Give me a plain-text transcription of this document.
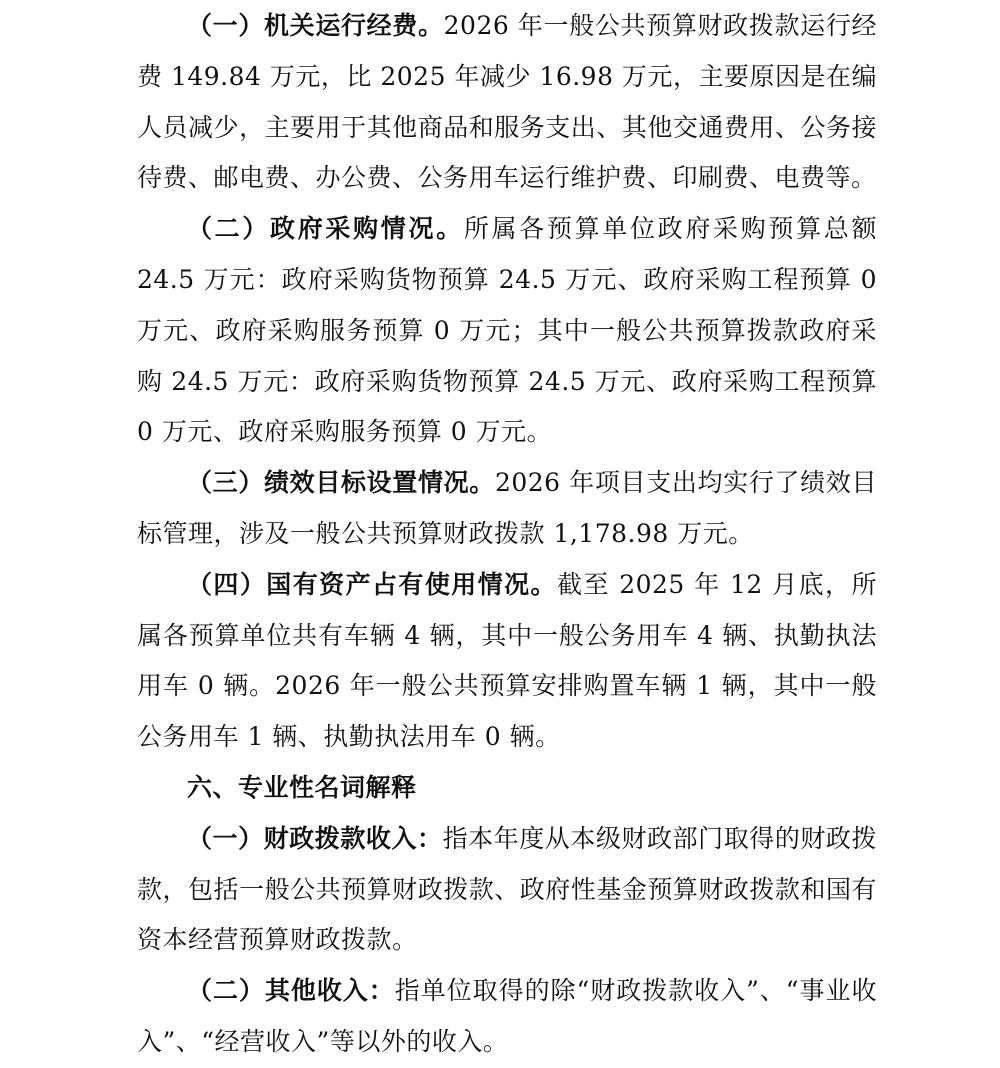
（一）机关运行经费。2026 年一般公共预算财政拨款运行经费 149.84 万元，比 2025 年减少 16.98 万元，主要原因是在编人员减少，主要用于其他商品和服务支出、其他交通费用、公务接待费、邮电费、办公费、公务用车运行维护费、印刷费、电费等。

（二）政府采购情况。所属各预算单位政府采购预算总额 24.5 万元：政府采购货物预算 24.5 万元、政府采购工程预算 0 万元、政府采购服务预算 0 万元；其中一般公共预算拨款政府采购 24.5 万元：政府采购货物预算 24.5 万元、政府采购工程预算 0 万元、政府采购服务预算 0 万元。

（三）绩效目标设置情况。2026 年项目支出均实行了绩效目标管理，涉及一般公共预算财政拨款 1,178.98 万元。

（四）国有资产占有使用情况。截至 2025 年 12 月底，所属各预算单位共有车辆 4 辆，其中一般公务用车 4 辆、执勤执法用车 0 辆。2026 年一般公共预算安排购置车辆 1 辆，其中一般公务用车 1 辆、执勤执法用车 0 辆。

六、专业性名词解释

（一）财政拨款收入：指本年度从本级财政部门取得的财政拨款，包括一般公共预算财政拨款、政府性基金预算财政拨款和国有资本经营预算财政拨款。

（二）其他收入：指单位取得的除“财政拨款收入”、“事业收入”、“经营收入”等以外的收入。
